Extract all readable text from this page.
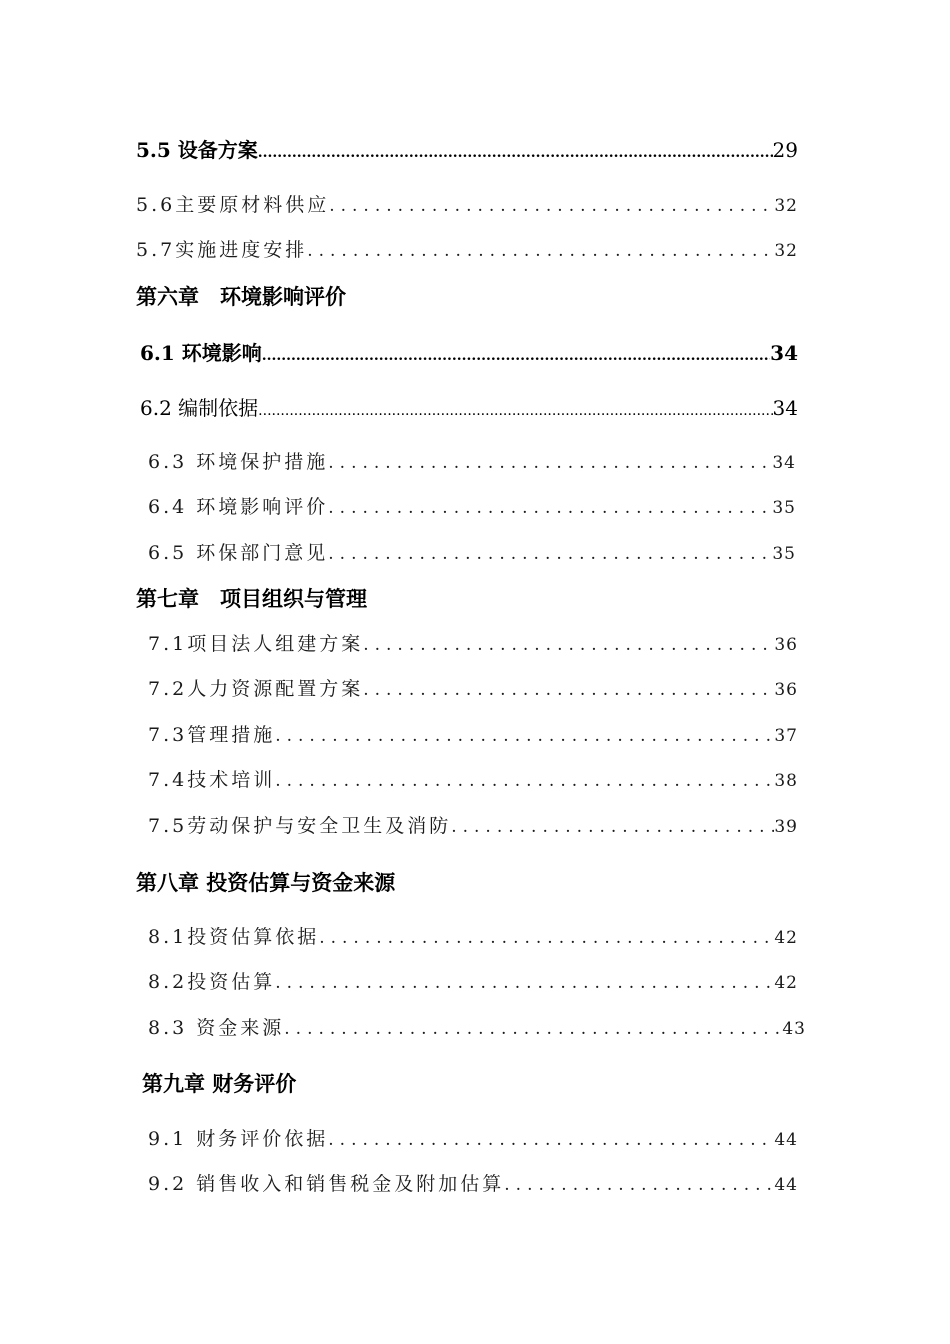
5.5 设备方案 .....	29
5.6主要原材料供应 .....	32
5.7实施进度安排 .....	32
第六章　环境影响评价
6.1 环境影响 .....	34
6.2 编制依据 .....	34
6.3 环境保护措施 .....	34
6.4 环境影响评价 .....	35
6.5 环保部门意见 .....	35
第七章　项目组织与管理
7.1项目法人组建方案 .....	36
7.2人力资源配置方案 .....	36
7.3管理措施 .....	37
7.4技术培训 .....	38
7.5劳动保护与安全卫生及消防 .....	39
第八章 投资估算与资金来源
8.1投资估算依据 .....	42
8.2投资估算 .....	42
8.3 资金来源 .....	43
第九章 财务评价
9.1 财务评价依据 .....	44
9.2 销售收入和销售税金及附加估算 .....	44
